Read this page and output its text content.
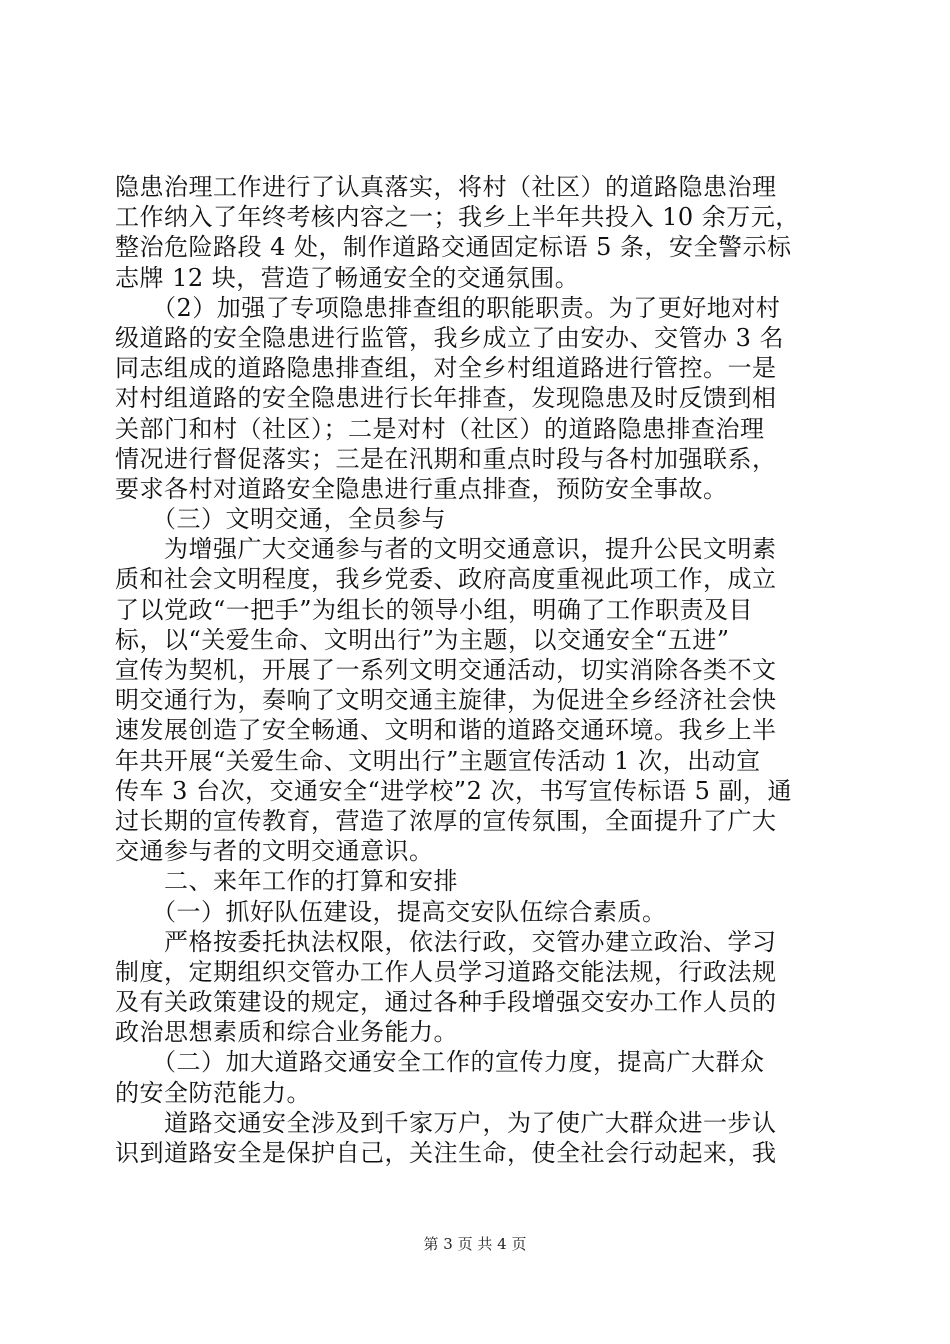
隐患治理工作进行了认真落实，将村（社区）的道路隐患治理
工作纳入了年终考核内容之一；我乡上半年共投入 10 余万元，
整治危险路段 4 处，制作道路交通固定标语 5 条，安全警示标
志牌 12 块，营造了畅通安全的交通氛围。
　　（2）加强了专项隐患排查组的职能职责。为了更好地对村
级道路的安全隐患进行监管，我乡成立了由安办、交管办 3 名
同志组成的道路隐患排查组，对全乡村组道路进行管控。一是
对村组道路的安全隐患进行长年排查，发现隐患及时反馈到相
关部门和村（社区）；二是对村（社区）的道路隐患排查治理
情况进行督促落实；三是在汛期和重点时段与各村加强联系，
要求各村对道路安全隐患进行重点排查，预防安全事故。
　　（三）文明交通，全员参与
　　为增强广大交通参与者的文明交通意识，提升公民文明素
质和社会文明程度，我乡党委、政府高度重视此项工作，成立
了以党政“一把手”为组长的领导小组，明确了工作职责及目
标，以“关爱生命、文明出行”为主题，以交通安全“五进”
宣传为契机，开展了一系列文明交通活动，切实消除各类不文
明交通行为，奏响了文明交通主旋律，为促进全乡经济社会快
速发展创造了安全畅通、文明和谐的道路交通环境。我乡上半
年共开展“关爱生命、文明出行”主题宣传活动 1 次，出动宣
传车 3 台次，交通安全“进学校”2 次，书写宣传标语 5 副，通
过长期的宣传教育，营造了浓厚的宣传氛围，全面提升了广大
交通参与者的文明交通意识。
　　二、来年工作的打算和安排
　　（一）抓好队伍建设，提高交安队伍综合素质。
　　严格按委托执法权限，依法行政，交管办建立政治、学习
制度，定期组织交管办工作人员学习道路交能法规，行政法规
及有关政策建设的规定，通过各种手段增强交安办工作人员的
政治思想素质和综合业务能力。
　　（二）加大道路交通安全工作的宣传力度，提高广大群众
的安全防范能力。
　　道路交通安全涉及到千家万户，为了使广大群众进一步认
识到道路安全是保护自己，关注生命，使全社会行动起来，我
第 3 页 共 4 页
